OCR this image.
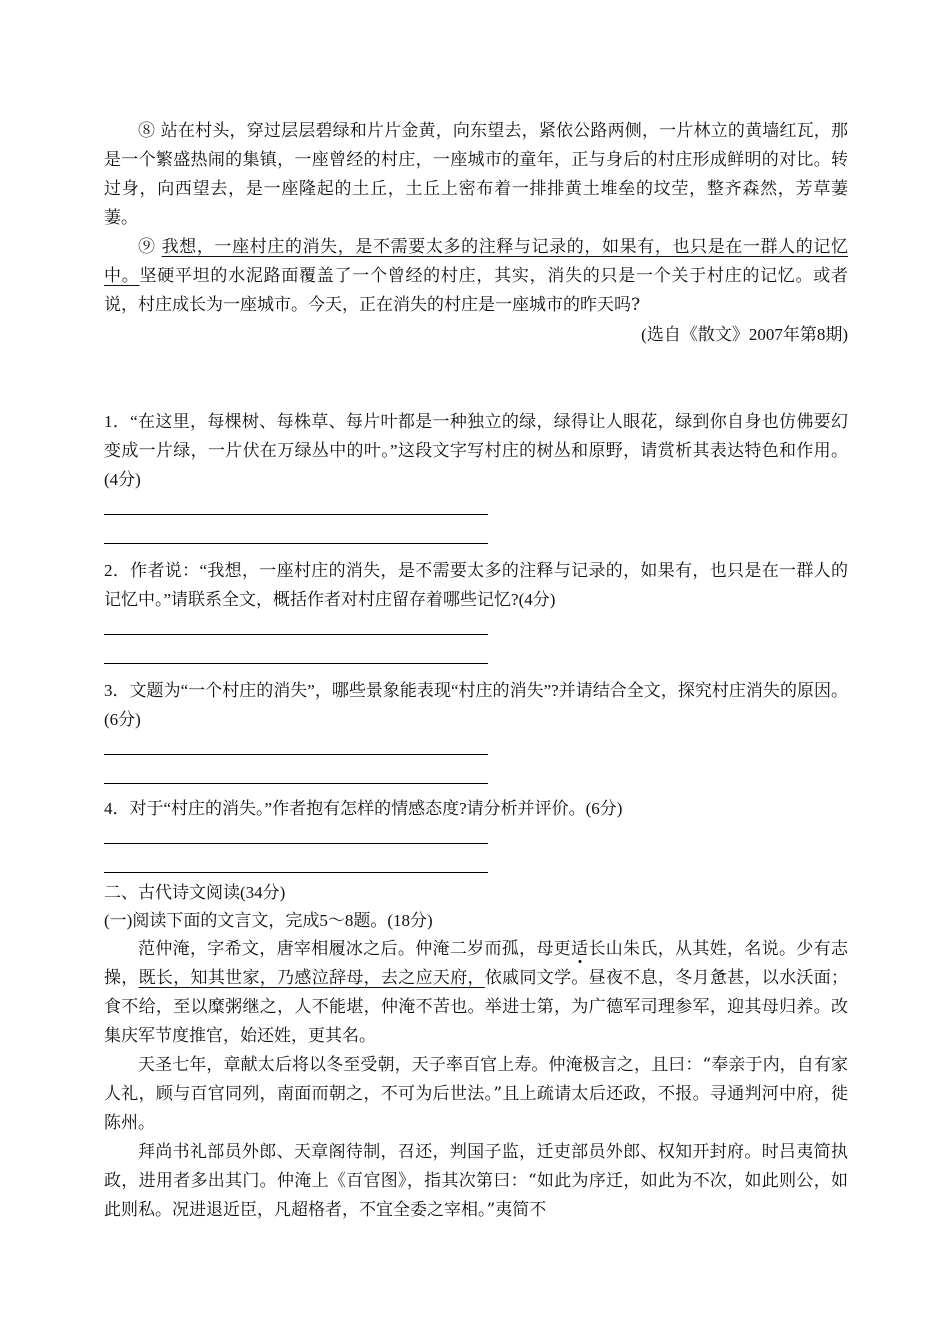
⑧ 站在村头，穿过层层碧绿和片片金黄，向东望去，紧依公路两侧，一片林立的黄墙红瓦，那是一个繁盛热闹的集镇，一座曾经的村庄，一座城市的童年，正与身后的村庄形成鲜明的对比。转过身，向西望去，是一座隆起的土丘，土丘上密布着一排排黄土堆垒的坟茔，整齐森然，芳草萋萋。

⑨ 我想，一座村庄的消失，是不需要太多的注释与记录的，如果有，也只是在一群人的记忆中。坚硬平坦的水泥路面覆盖了一个曾经的村庄，其实，消失的只是一个关于村庄的记忆。或者说，村庄成长为一座城市。今天，正在消失的村庄是一座城市的昨天吗?

(选自《散文》2007年第8期)

1．“在这里，每棵树、每株草、每片叶都是一种独立的绿，绿得让人眼花，绿到你自身也仿佛要幻变成一片绿，一片伏在万绿丛中的叶。”这段文字写村庄的树丛和原野，请赏析其表达特色和作用。(4分)

2．作者说：“我想，一座村庄的消失，是不需要太多的注释与记录的，如果有，也只是在一群人的记忆中。”请联系全文，概括作者对村庄留存着哪些记忆?(4分)

3．文题为“一个村庄的消失”，哪些景象能表现“村庄的消失”?并请结合全文，探究村庄消失的原因。(6分)

4．对于“村庄的消失。”作者抱有怎样的情感态度?请分析并评价。(6分)

二、古代诗文阅读(34分)

(一)阅读下面的文言文，完成5～8题。(18分)

范仲淹，字希文，唐宰相履冰之后。仲淹二岁而孤，母更适长山朱氏，从其姓，名说。少有志操，既长，知其世家，乃感泣辞母，去之应天府，依戚同文学。昼夜不息，冬月惫甚，以水沃面；食不给，至以糜粥继之，人不能堪，仲淹不苦也。举进士第，为广德军司理参军，迎其母归养。改集庆军节度推官，始还姓，更其名。

天圣七年，章献太后将以冬至受朝，天子率百官上寿。仲淹极言之，且曰：“奉亲于内，自有家人礼，顾与百官同列，南面而朝之，不可为后世法。”且上疏请太后还政，不报。寻通判河中府，徙陈州。

拜尚书礼部员外郎、天章阁待制，召还，判国子监，迁吏部员外郎、权知开封府。时吕夷简执政，进用者多出其门。仲淹上《百官图》，指其次第曰：“如此为序迁，如此为不次，如此则公，如此则私。况进退近臣，凡超格者，不宜全委之宰相。”夷简不
